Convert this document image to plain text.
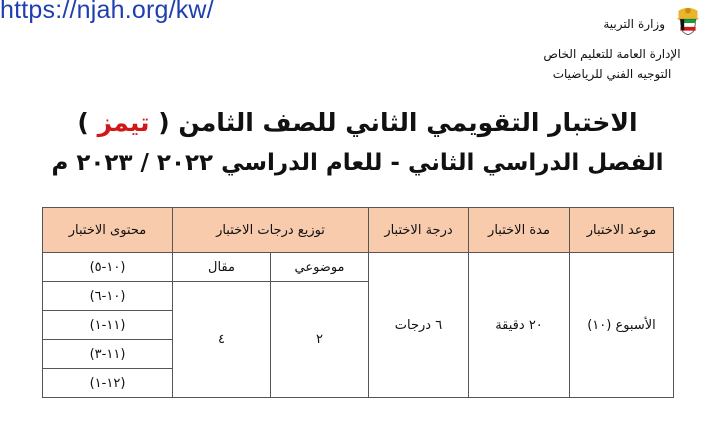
https://njah.org/kw/	وزارة
التربية
الإدارة العامة للتعليم الخاص
التوجيه الفني للرياضيات
الاختبار التقويمي الثاني للصف الثامن ( تيمز )
الفصل الدراسي الثاني - للعام الدراسي ٢٠٢٢ / ٢٠٢٣ م
موعد الاختبار	مدة الاختبار	درجة الاختبار	توزيع درجات الاختبار		محتوى الاختبار
الأسبوع (١٠)	٢٠ دقيقة	٦ درجات	موضوعي	مقال	(١٠-٥)
			٢	٤	(١٠-٦)
					(١١-١)
					(١١-٣)
					(١٢-١)
